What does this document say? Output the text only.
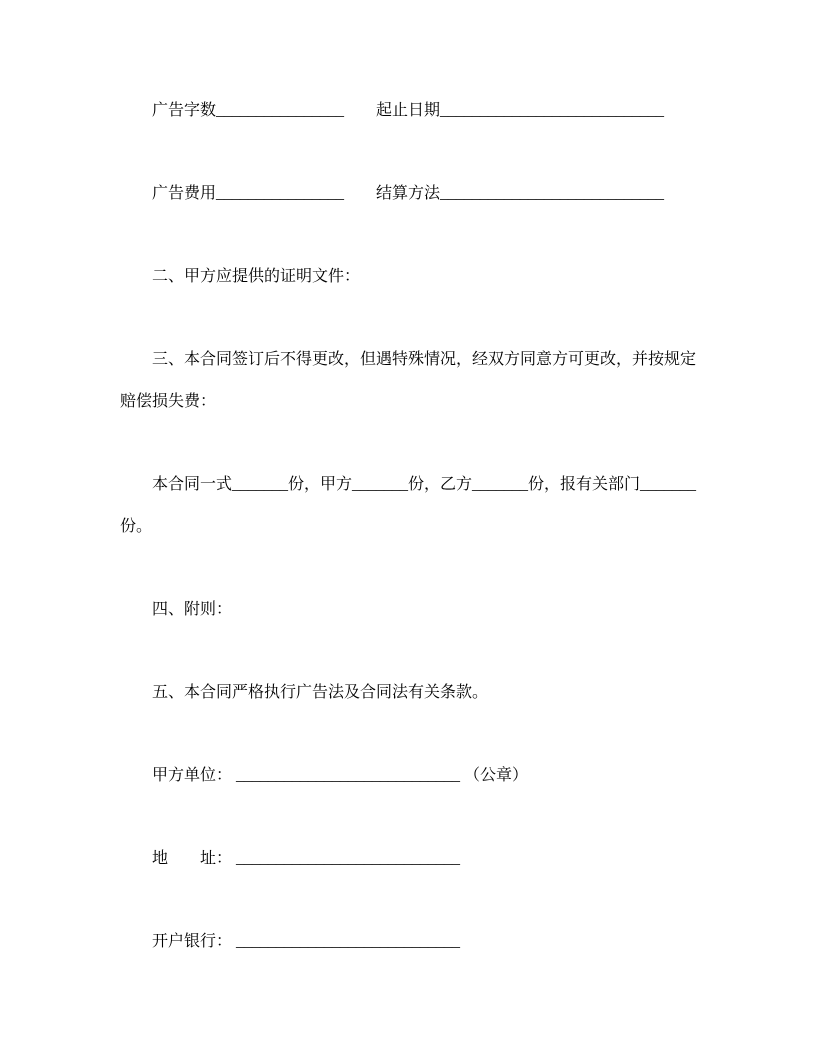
广告字数________________　　起止日期____________________________

广告费用________________　　结算方法____________________________

二、甲方应提供的证明文件：

三、本合同签订后不得更改，但遇特殊情况，经双方同意方可更改，并按规定赔偿损失费：

本合同一式_______份，甲方_______份，乙方_______份，报有关部门_______份。

四、附则：

五、本合同严格执行广告法及合同法有关条款。

甲方单位： ____________________________ （公章）

地　　址： ____________________________

开户银行： ____________________________
